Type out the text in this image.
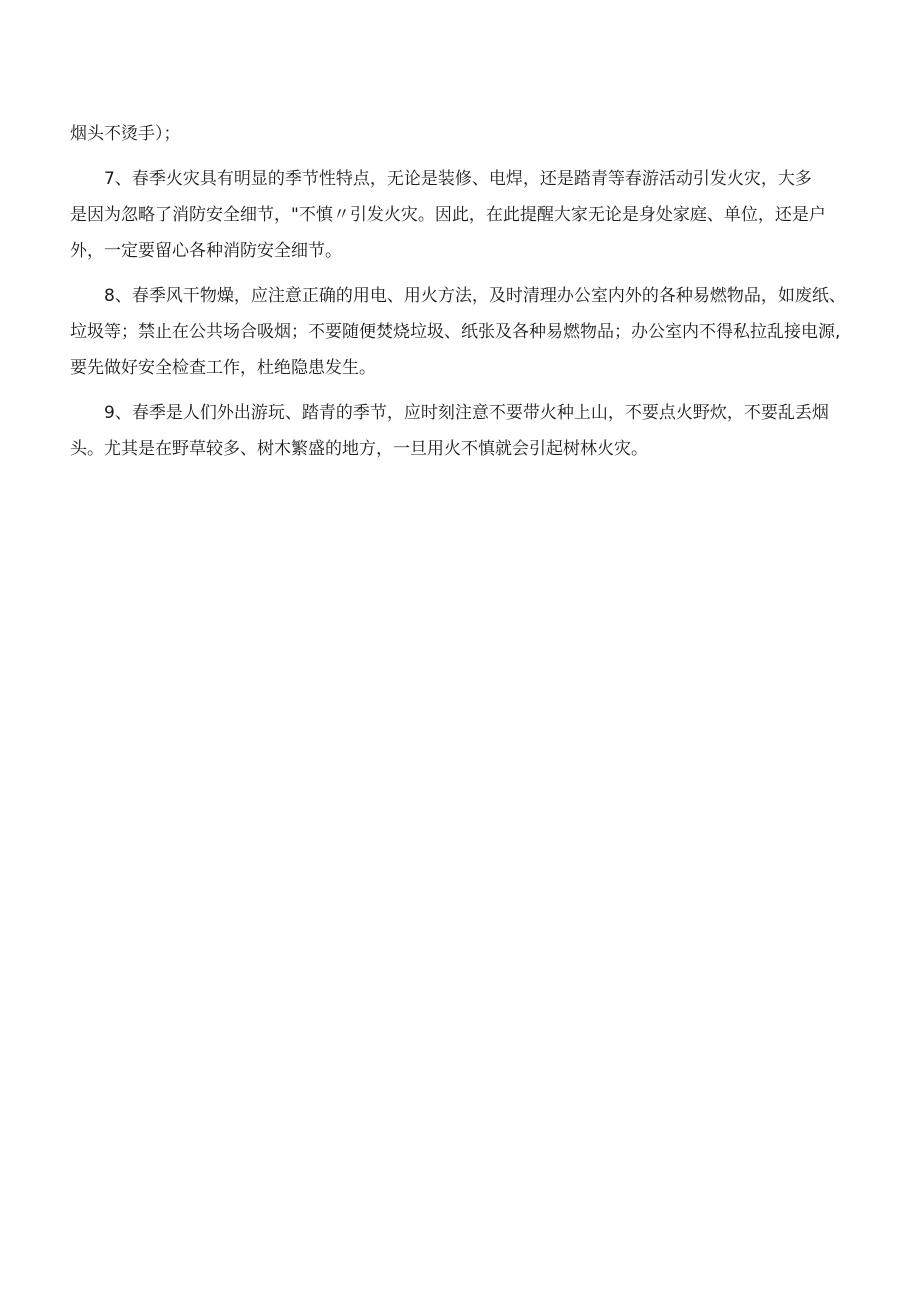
烟头不烫手）；
7、春季火灾具有明显的季节性特点，无论是装修、电焊，还是踏青等春游活动引发火灾，大多
是因为忽略了消防安全细节，"不慎〃引发火灾。因此，在此提醒大家无论是身处家庭、单位，还是户
外，一定要留心各种消防安全细节。
8、春季风干物燥，应注意正确的用电、用火方法，及时清理办公室内外的各种易燃物品，如废纸、
垃圾等；禁止在公共场合吸烟；不要随便焚烧垃圾、纸张及各种易燃物品；办公室内不得私拉乱接电源,
要先做好安全检查工作，杜绝隐患发生。
9、春季是人们外出游玩、踏青的季节，应时刻注意不要带火种上山，不要点火野炊，不要乱丢烟
头。尤其是在野草较多、树木繁盛的地方，一旦用火不慎就会引起树林火灾。
